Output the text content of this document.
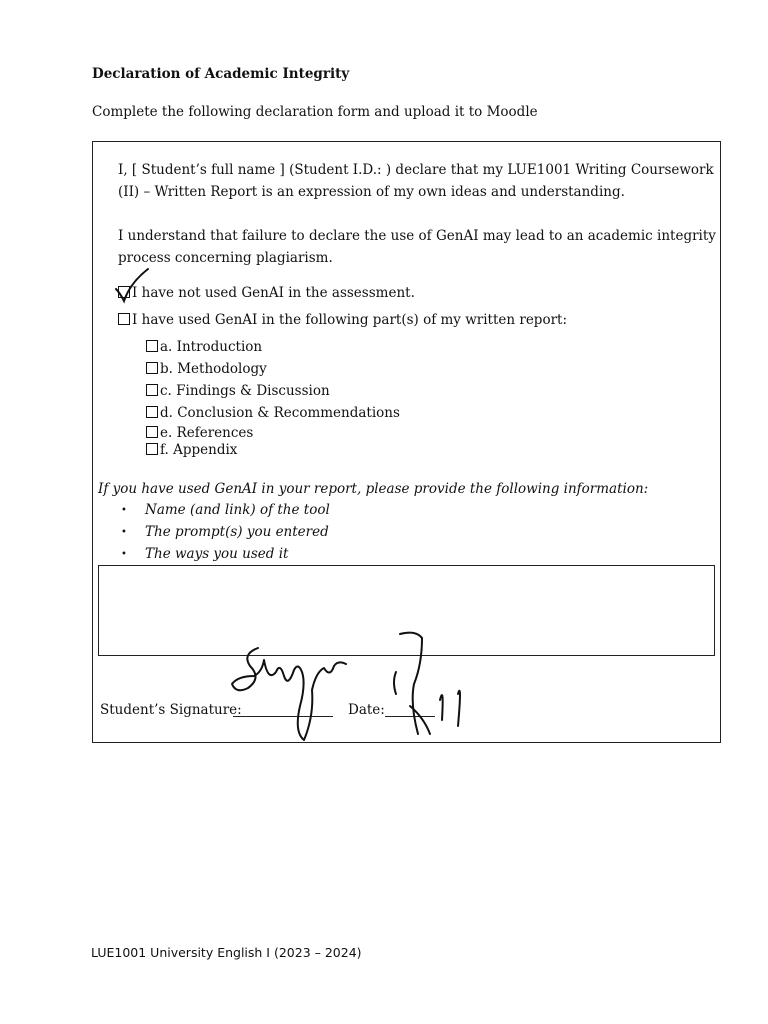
Declaration of Academic Integrity
Complete the following declaration form and upload it to Moodle
I, [ Student’s full name ] (Student I.D.: ) declare that my LUE1001 Writing Coursework
(II) – Written Report is an expression of my own ideas and understanding.
I understand that failure to declare the use of GenAI may lead to an academic integrity
process concerning plagiarism.
I have not used GenAI in the assessment.
I have used GenAI in the following part(s) of my written report:
a. Introduction
b. Methodology
c. Findings & Discussion
d. Conclusion & Recommendations
e. References
f. Appendix
If you have used GenAI in your report, please provide the following information:
• Name (and link) of the tool
• The prompt(s) you entered
• The ways you used it
Student’s Signature:	Date:
LUE1001 University English I (2023 – 2024)
